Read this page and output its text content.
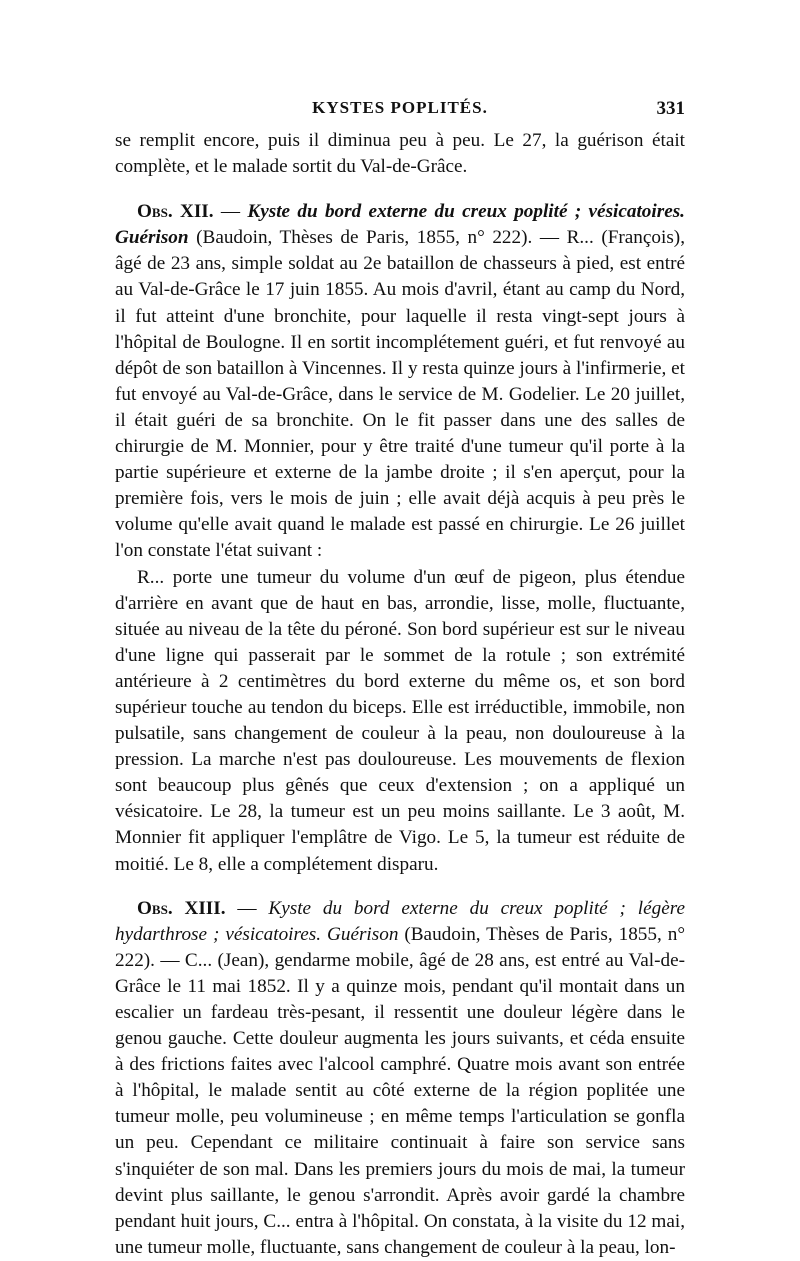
KYSTES POPLITÉS.	331

se remplit encore, puis il diminua peu à peu. Le 27, la guérison était complète, et le malade sortit du Val-de-Grâce.

Obs. XII. — Kyste du bord externe du creux poplité ; vésicatoires. Guérison (Baudoin, Thèses de Paris, 1855, n° 222). — R... (François), âgé de 23 ans, simple soldat au 2e bataillon de chasseurs à pied, est entré au Val-de-Grâce le 17 juin 1855. Au mois d'avril, étant au camp du Nord, il fut atteint d'une bronchite, pour laquelle il resta vingt-sept jours à l'hôpital de Boulogne. Il en sortit incomplétement guéri, et fut renvoyé au dépôt de son bataillon à Vincennes. Il y resta quinze jours à l'infirmerie, et fut envoyé au Val-de-Grâce, dans le service de M. Godelier. Le 20 juillet, il était guéri de sa bronchite. On le fit passer dans une des salles de chirurgie de M. Monnier, pour y être traité d'une tumeur qu'il porte à la partie supérieure et externe de la jambe droite ; il s'en aperçut, pour la première fois, vers le mois de juin ; elle avait déjà acquis à peu près le volume qu'elle avait quand le malade est passé en chirurgie. Le 26 juillet l'on constate l'état suivant :

R... porte une tumeur du volume d'un œuf de pigeon, plus étendue d'arrière en avant que de haut en bas, arrondie, lisse, molle, fluctuante, située au niveau de la tête du péroné. Son bord supérieur est sur le niveau d'une ligne qui passerait par le sommet de la rotule ; son extrémité antérieure à 2 centimètres du bord externe du même os, et son bord supérieur touche au tendon du biceps. Elle est irréductible, immobile, non pulsatile, sans changement de couleur à la peau, non douloureuse à la pression. La marche n'est pas douloureuse. Les mouvements de flexion sont beaucoup plus gênés que ceux d'extension ; on a appliqué un vésicatoire. Le 28, la tumeur est un peu moins saillante. Le 3 août, M. Monnier fit appliquer l'emplâtre de Vigo. Le 5, la tumeur est réduite de moitié. Le 8, elle a complétement disparu.

Obs. XIII. — Kyste du bord externe du creux poplité ; légère hydarthrose ; vésicatoires. Guérison (Baudoin, Thèses de Paris, 1855, n° 222). — C... (Jean), gendarme mobile, âgé de 28 ans, est entré au Val-de-Grâce le 11 mai 1852. Il y a quinze mois, pendant qu'il montait dans un escalier un fardeau très-pesant, il ressentit une douleur légère dans le genou gauche. Cette douleur augmenta les jours suivants, et céda ensuite à des frictions faites avec l'alcool camphré. Quatre mois avant son entrée à l'hôpital, le malade sentit au côté externe de la région poplitée une tumeur molle, peu volumineuse ; en même temps l'articulation se gonfla un peu. Cependant ce militaire continuait à faire son service sans s'inquiéter de son mal. Dans les premiers jours du mois de mai, la tumeur devint plus saillante, le genou s'arrondit. Après avoir gardé la chambre pendant huit jours, C... entra à l'hôpital. On constata, à la visite du 12 mai, une tumeur molle, fluctuante, sans changement de couleur à la peau, lon-
